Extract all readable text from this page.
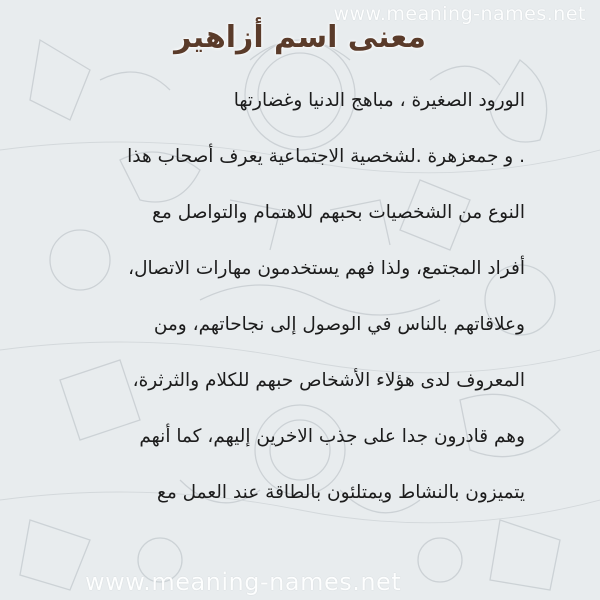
www.meaning-names.net
معنى اسم أزاهير
الورود الصغيرة ، مباهج الدنيا وغضارتها
. و جمعزهرة .لشخصية الاجتماعية يعرف أصحاب هذا
النوع من الشخصيات بحبهم للاهتمام والتواصل مع
أفراد المجتمع، ولذا فهم يستخدمون مهارات الاتصال،
وعلاقاتهم بالناس في الوصول إلى نجاحاتهم، ومن
المعروف لدى هؤلاء الأشخاص حبهم للكلام والثرثرة،
وهم قادرون جدا على جذب الاخرين إليهم، كما أنهم
يتميزون بالنشاط ويمتلئون بالطاقة عند العمل مع
www.meaning-names.net
